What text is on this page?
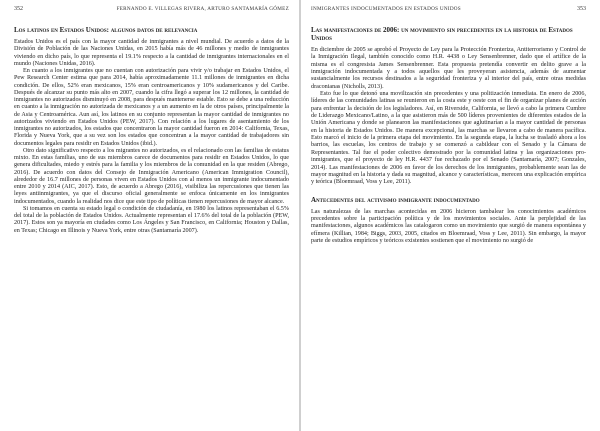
352	FERNANDO E. VILLEGAS RIVERA, ARTURO SANTAMARÍA GÓMEZ
Los latinos en Estados Unidos: algunos datos de relevancia

Estados Unidos es el país con la mayor cantidad de inmigrantes a nivel mundial. De acuerdo a datos de la División de Población de las Naciones Unidas, en 2015 había más de 46 millones y medio de inmigrantes viviendo en dicho país, lo que representa el 19.1% respecto a la cantidad de inmigrantes internacionales en el mundo (Naciones Unidas, 2016).

En cuanto a los inmigrantes que no cuentan con autorización para vivir y/o trabajar en Estados Unidos, el Pew Research Center estima que para 2014, había aproximadamente 11.1 millones de inmigrantes en dicha condición. De ellos, 52% eran mexicanos, 15% eran centroamericanos y 10% sudamericanos y del Caribe. Después de alcanzar su punto más alto en 2007, cuando la cifra llegó a superar los 12 millones, la cantidad de inmigrantes no autorizados disminuyó en 2008, para después mantenerse estable. Esto se debe a una reducción en cuanto a la inmigración no autorizada de mexicanos y a un aumento en la de otros países, principalmente la de Asia y Centroamérica. Aun así, los latinos en su conjunto representan la mayor cantidad de inmigrantes no autorizados viviendo en Estados Unidos (PEW, 2017). Con relación a los lugares de asentamiento de los inmigrantes no autorizados, los estados que concentraron la mayor cantidad fueron en 2014: California, Texas, Florida y Nueva York, que a su vez son los estados que concentran a la mayor cantidad de trabajadores sin documentos legales para residir en Estados Unidos (ibid.).

Otro dato significativo respecto a los migrantes no autorizados, es el relacionado con las familias de estatus mixto. En estas familias, uno de sus miembros carece de documentos para residir en Estados Unidos, lo que genera dificultades, miedo y estrés para la familia y los miembros de la comunidad en la que residen (Abrego, 2016). De acuerdo con datos del Consejo de Inmigración Americano (American Immigration Council), alrededor de 16.7 millones de personas viven en Estados Unidos con al menos un inmigrante indocumentado entre 2010 y 2014 (AIC, 2017). Esto, de acuerdo a Abrego (2016), visibiliza las repercusiones que tienen las leyes antiinmigrantes, ya que el discurso oficial generalmente se enfoca únicamente en los inmigrantes indocumentados, cuando la realidad nos dice que este tipo de políticas tienen repercusiones de mayor alcance.

Si tomamos en cuenta su estado legal o condición de ciudadanía, en 1980 los latinos representaban el 6.5% del total de la población de Estados Unidos. Actualmente representan el 17.6% del total de la población (PEW, 2017). Estos son ya mayoría en ciudades como Los Ángeles y San Francisco, en California; Houston y Dallas, en Texas; Chicago en Illinois y Nueva York, entre otras (Santamaría 2007).

INMIGRANTES INDOCUMENTADOS EN ESTADOS UNIDOS	353
Las manifestaciones de 2006: un movimiento sin precedentes en la historia de Estados Unidos

En diciembre de 2005 se aprobó el Proyecto de Ley para la Protección Fronteriza, Antiterrorismo y Control de la Inmigración Ilegal, también conocido como H.R. 4438 o Ley Sensenbrenner, dado que el artífice de la misma es el congresista James Sensenbrenner. Esta propuesta pretendía convertir en delito grave a la inmigración indocumentada y a todos aquellos que les proveyeran asistencia, además de aumentar sustancialmente los recursos destinados a la seguridad fronteriza y al interior del país, entre otras medidas draconianas (Nicholls, 2013).

Esto fue lo que detonó una movilización sin precedentes y una politización inmediata. En enero de 2006, líderes de las comunidades latinas se reunieron en la costa este y oeste con el fin de organizar planes de acción para enfrentar la decisión de los legisladores. Así, en Riverside, California, se llevó a cabo la primera Cumbre de Liderazgo Mexicano/Latino, a la que asistieron más de 500 líderes provenientes de diferentes estados de la Unión Americana y donde se planearon las manifestaciones que aglutinarían a la mayor cantidad de personas en la historia de Estados Unidos. De manera excepcional, las marchas se llevaron a cabo de manera pacífica. Esto marcó el inicio de la primera etapa del movimiento. En la segunda etapa, la lucha se trasladó ahora a los barrios, las escuelas, los centros de trabajo y se comenzó a cabildear con el Senado y la Cámara de Representantes. Tal fue el poder colectivo demostrado por la comunidad latina y las organizaciones pro-inmigrantes, que el proyecto de ley H.R. 4437 fue rechazado por el Senado (Santamaría, 2007; Gonzales, 2014). Las manifestaciones de 2006 en favor de los derechos de los inmigrantes, probablemente sean las de mayor magnitud en la historia y dada su magnitud, alcance y características, merecen una explicación empírica y teórica (Bloemraad, Voss y Lee, 2011).

Antecedentes del activismo inmigrante indocumentado

Las naturalezas de las marchas acontecidas en 2006 hicieron tambalear los conocimientos académicos precedentes sobre la participación política y de los movimientos sociales. Ante la perplejidad de las manifestaciones, algunos académicos las catalogaron como un movimiento que surgió de manera espontánea y efímera (Killian, 1984; Biggs, 2003, 2005, citados en Bloemraad, Voss y Lee, 2011). Sin embargo, la mayor parte de estudios empíricos y teóricos existentes sostienen que el movimiento no surgió de
